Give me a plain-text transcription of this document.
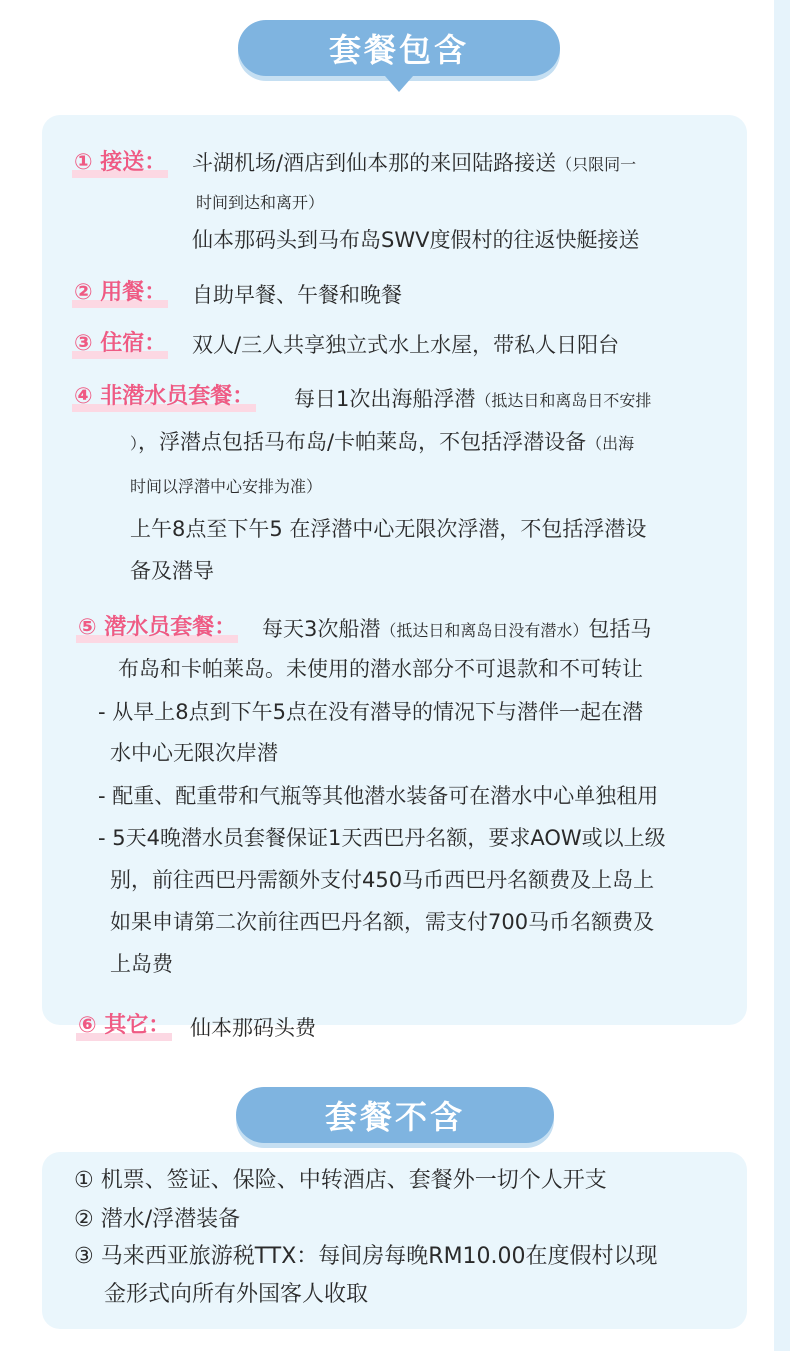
套餐包含
① 接送： 斗湖机场/酒店到仙本那的来回陆路接送（只限同一
时间到达和离开）
仙本那码头到马布岛SWV度假村的往返快艇接送
② 用餐： 自助早餐、午餐和晚餐
③ 住宿： 双人/三人共享独立式水上水屋，带私人日阳台
④ 非潜水员套餐： 每日1次出海船浮潜（抵达日和离岛日不安排
），浮潜点包括马布岛/卡帕莱岛，不包括浮潜设备（出海
时间以浮潜中心安排为准）
上午8点至下午5 在浮潜中心无限次浮潜，不包括浮潜设
备及潜导
⑤ 潜水员套餐： 每天3次船潜（抵达日和离岛日没有潜水）包括马
布岛和卡帕莱岛。未使用的潜水部分不可退款和不可转让
- 从早上8点到下午5点在没有潜导的情况下与潜伴一起在潜
水中心无限次岸潜
- 配重、配重带和气瓶等其他潜水装备可在潜水中心单独租用
- 5天4晚潜水员套餐保证1天西巴丹名额，要求AOW或以上级
别，前往西巴丹需额外支付450马币西巴丹名额费及上岛上
如果申请第二次前往西巴丹名额，需支付700马币名额费及
上岛费
⑥ 其它： 仙本那码头费
套餐不含
① 机票、签证、保险、中转酒店、套餐外一切个人开支
② 潜水/浮潜装备
③ 马来西亚旅游税TTX：每间房每晚RM10.00在度假村以现
金形式向所有外国客人收取
